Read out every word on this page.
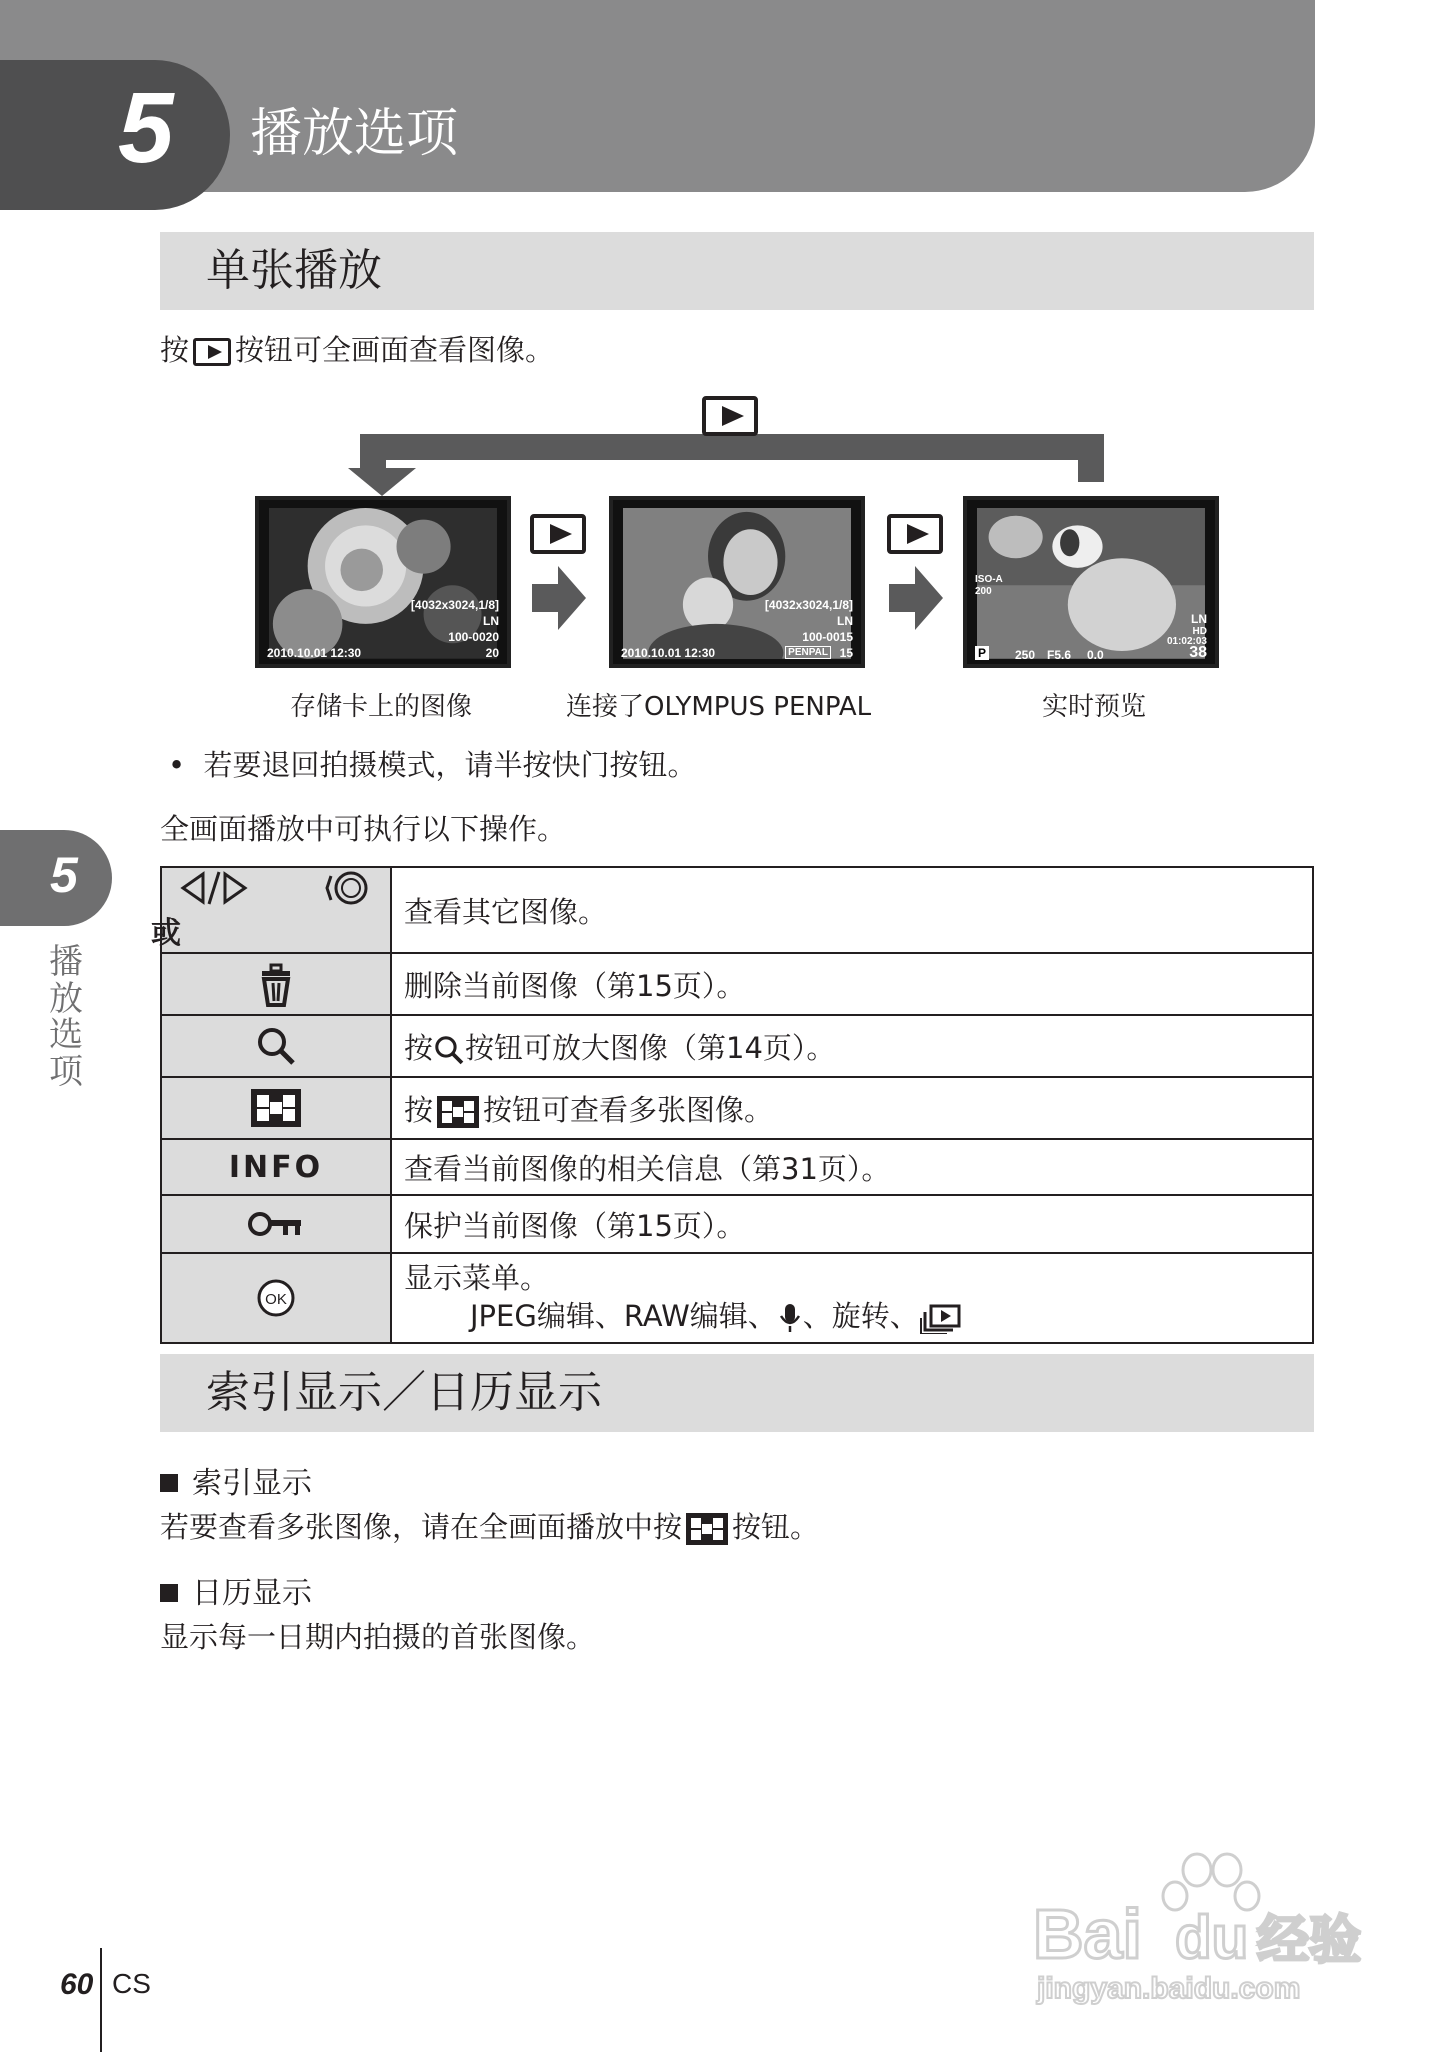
5 播放选项
单张播放
按 按钮可全画面查看图像。
[4032x3024,1/8]
LN
100-0020
2010.10.01 12:30	20
[4032x3024,1/8]
LN
100-0015
2010.10.01 12:30	PENPAL 15
ISO-A
200
LN
HD
01:02:03
P 250 F5.6 0.0	38
存储卡上的图像	连接了OLYMPUS PENPAL	实时预览
• 若要退回拍摄模式，请半按快门按钮。
全画面播放中可执行以下操作。
或	查看其它图像。
	删除当前图像（第15页）。
	按 按钮可放大图像（第14页）。

	按 按钮可查看多张图像。
INFO	查看当前图像的相关信息（第31页）。
	保护当前图像（第15页）。

OK	显示菜单。
JPEG编辑、RAW编辑、 、旋转、
索引显示／日历显示
索引显示
若要查看多张图像，请在全画面播放中按 按钮。
日历显示
显示每一日期内拍摄的首张图像。
5
播放选项
60 CS
Bai du 经验
jingyan.baidu.com
